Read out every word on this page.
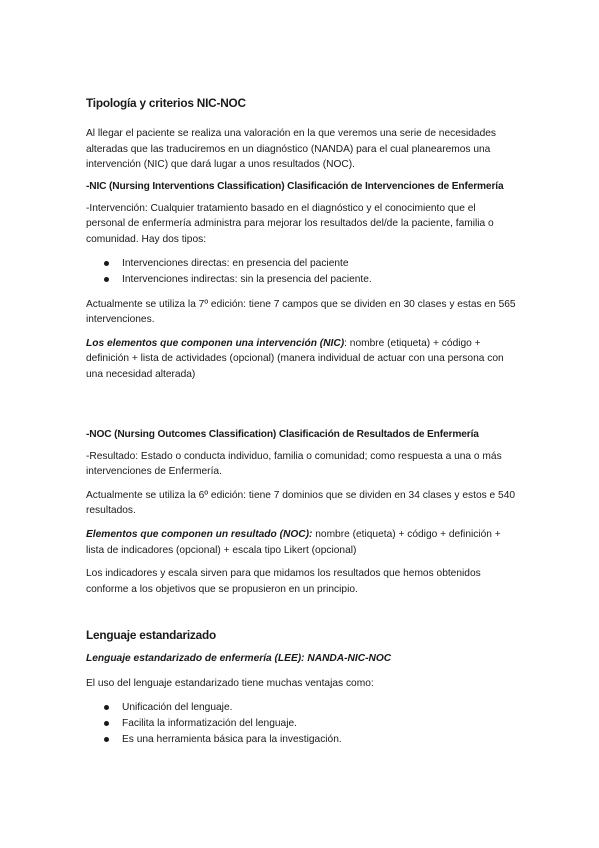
Tipología y criterios NIC-NOC

Al llegar el paciente se realiza una valoración en la que veremos una serie de necesidades alteradas que las traduciremos en un diagnóstico (NANDA) para el cual planearemos una intervención (NIC) que dará lugar a unos resultados (NOC).

-NIC (Nursing Interventions Classification) Clasificación de Intervenciones de Enfermería

-Intervención: Cualquier tratamiento basado en el diagnóstico y el conocimiento que el personal de enfermería administra para mejorar los resultados del/de la paciente, familia o comunidad. Hay dos tipos:

Intervenciones directas: en presencia del paciente
Intervenciones indirectas: sin la presencia del paciente.

Actualmente se utiliza la 7º edición: tiene 7 campos que se dividen en 30 clases y estas en 565 intervenciones.

Los elementos que componen una intervención (NIC): nombre (etiqueta) + código + definición + lista de actividades (opcional) (manera individual de actuar con una persona con una necesidad alterada)

-NOC (Nursing Outcomes Classification) Clasificación de Resultados de Enfermería

-Resultado: Estado o conducta individuo, familia o comunidad; como respuesta a una o más intervenciones de Enfermería.

Actualmente se utiliza la 6º edición: tiene 7 dominios que se dividen en 34 clases y estos e 540 resultados.

Elementos que componen un resultado (NOC): nombre (etiqueta) + código + definición + lista de indicadores (opcional) + escala tipo Likert (opcional)

Los indicadores y escala sirven para que midamos los resultados que hemos obtenidos conforme a los objetivos que se propusieron en un principio.

Lenguaje estandarizado

Lenguaje estandarizado de enfermería (LEE): NANDA-NIC-NOC

El uso del lenguaje estandarizado tiene muchas ventajas como:

Unificación del lenguaje.
Facilita la informatización del lenguaje.
Es una herramienta básica para la investigación.
